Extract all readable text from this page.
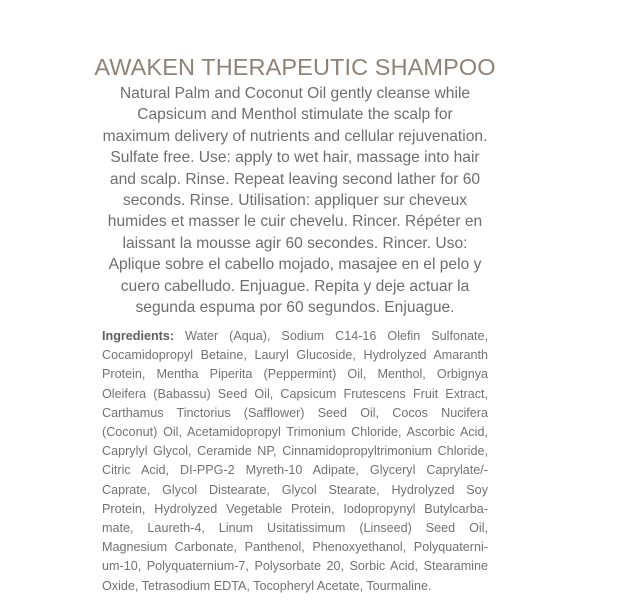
AWAKEN THERAPEUTIC SHAMPOO
Natural Palm and Coconut Oil gently cleanse while
Capsicum and Menthol stimulate the scalp for
maximum delivery of nutrients and cellular rejuvenation.
Sulfate free. Use: apply to wet hair, massage into hair
and scalp. Rinse. Repeat leaving second lather for 60
seconds. Rinse. Utilisation: appliquer sur cheveux
humides et masser le cuir chevelu. Rincer. Répéter en
laissant la mousse agir 60 secondes. Rincer. Uso:
Aplique sobre el cabello mojado, masajee en el pelo y
cuero cabelludo. Enjuague. Repita y deje actuar la
segunda espuma por 60 segundos. Enjuague.
Ingredients: Water (Aqua), Sodium C14-16 Olefin Sulfonate,
Cocamidopropyl Betaine, Lauryl Glucoside, Hydrolyzed Amaranth
Protein, Mentha Piperita (Peppermint) Oil, Menthol, Orbignya
Oleifera (Babassu) Seed Oil, Capsicum Frutescens Fruit Extract,
Carthamus Tinctorius (Safflower) Seed Oil, Cocos Nucifera
(Coconut) Oil, Acetamidopropyl Trimonium Chloride, Ascorbic Acid,
Caprylyl Glycol, Ceramide NP, Cinnamidopropyltrimonium Chloride,
Citric Acid, DI-PPG-2 Myreth-10 Adipate, Glyceryl Caprylate/-
Caprate, Glycol Distearate, Glycol Stearate, Hydrolyzed Soy
Protein, Hydrolyzed Vegetable Protein, Iodopropynyl Butylcarba-
mate, Laureth-4, Linum Usitatissimum (Linseed) Seed Oil,
Magnesium Carbonate, Panthenol, Phenoxyethanol, Polyquaterni-
um-10, Polyquaternium-7, Polysorbate 20, Sorbic Acid, Stearamine
Oxide, Tetrasodium EDTA, Tocopheryl Acetate, Tourmaline.
